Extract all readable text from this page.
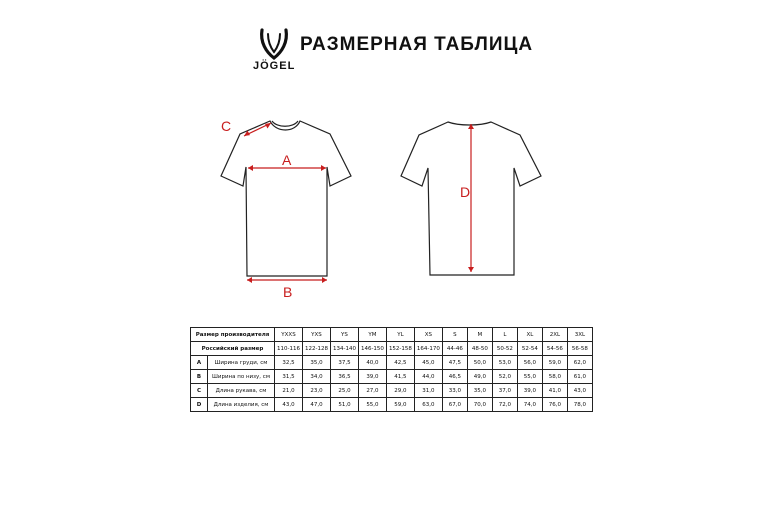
JÖGEL
РАЗМЕРНАЯ ТАБЛИЦА
A
B
C
D
Размер производителя		YXXS	YXS	YS	YM	YL	XS	S	M	L	XL	2XL	3XL
Российский размер		110-116	122-128	134-140	146-150	152-158	164-170	44-46	48-50	50-52	52-54	54-56	56-58
A	Ширина груди, см	32,5	35,0	37,5	40,0	42,5	45,0	47,5	50,0	53,0	56,0	59,0	62,0
B	Ширина по низу, см	31,5	34,0	36,5	39,0	41,5	44,0	46,5	49,0	52,0	55,0	58,0	61,0
C	Длина рукава, см	21,0	23,0	25,0	27,0	29,0	31,0	33,0	35,0	37,0	39,0	41,0	43,0
D	Длина изделия, см	43,0	47,0	51,0	55,0	59,0	63,0	67,0	70,0	72,0	74,0	76,0	78,0
